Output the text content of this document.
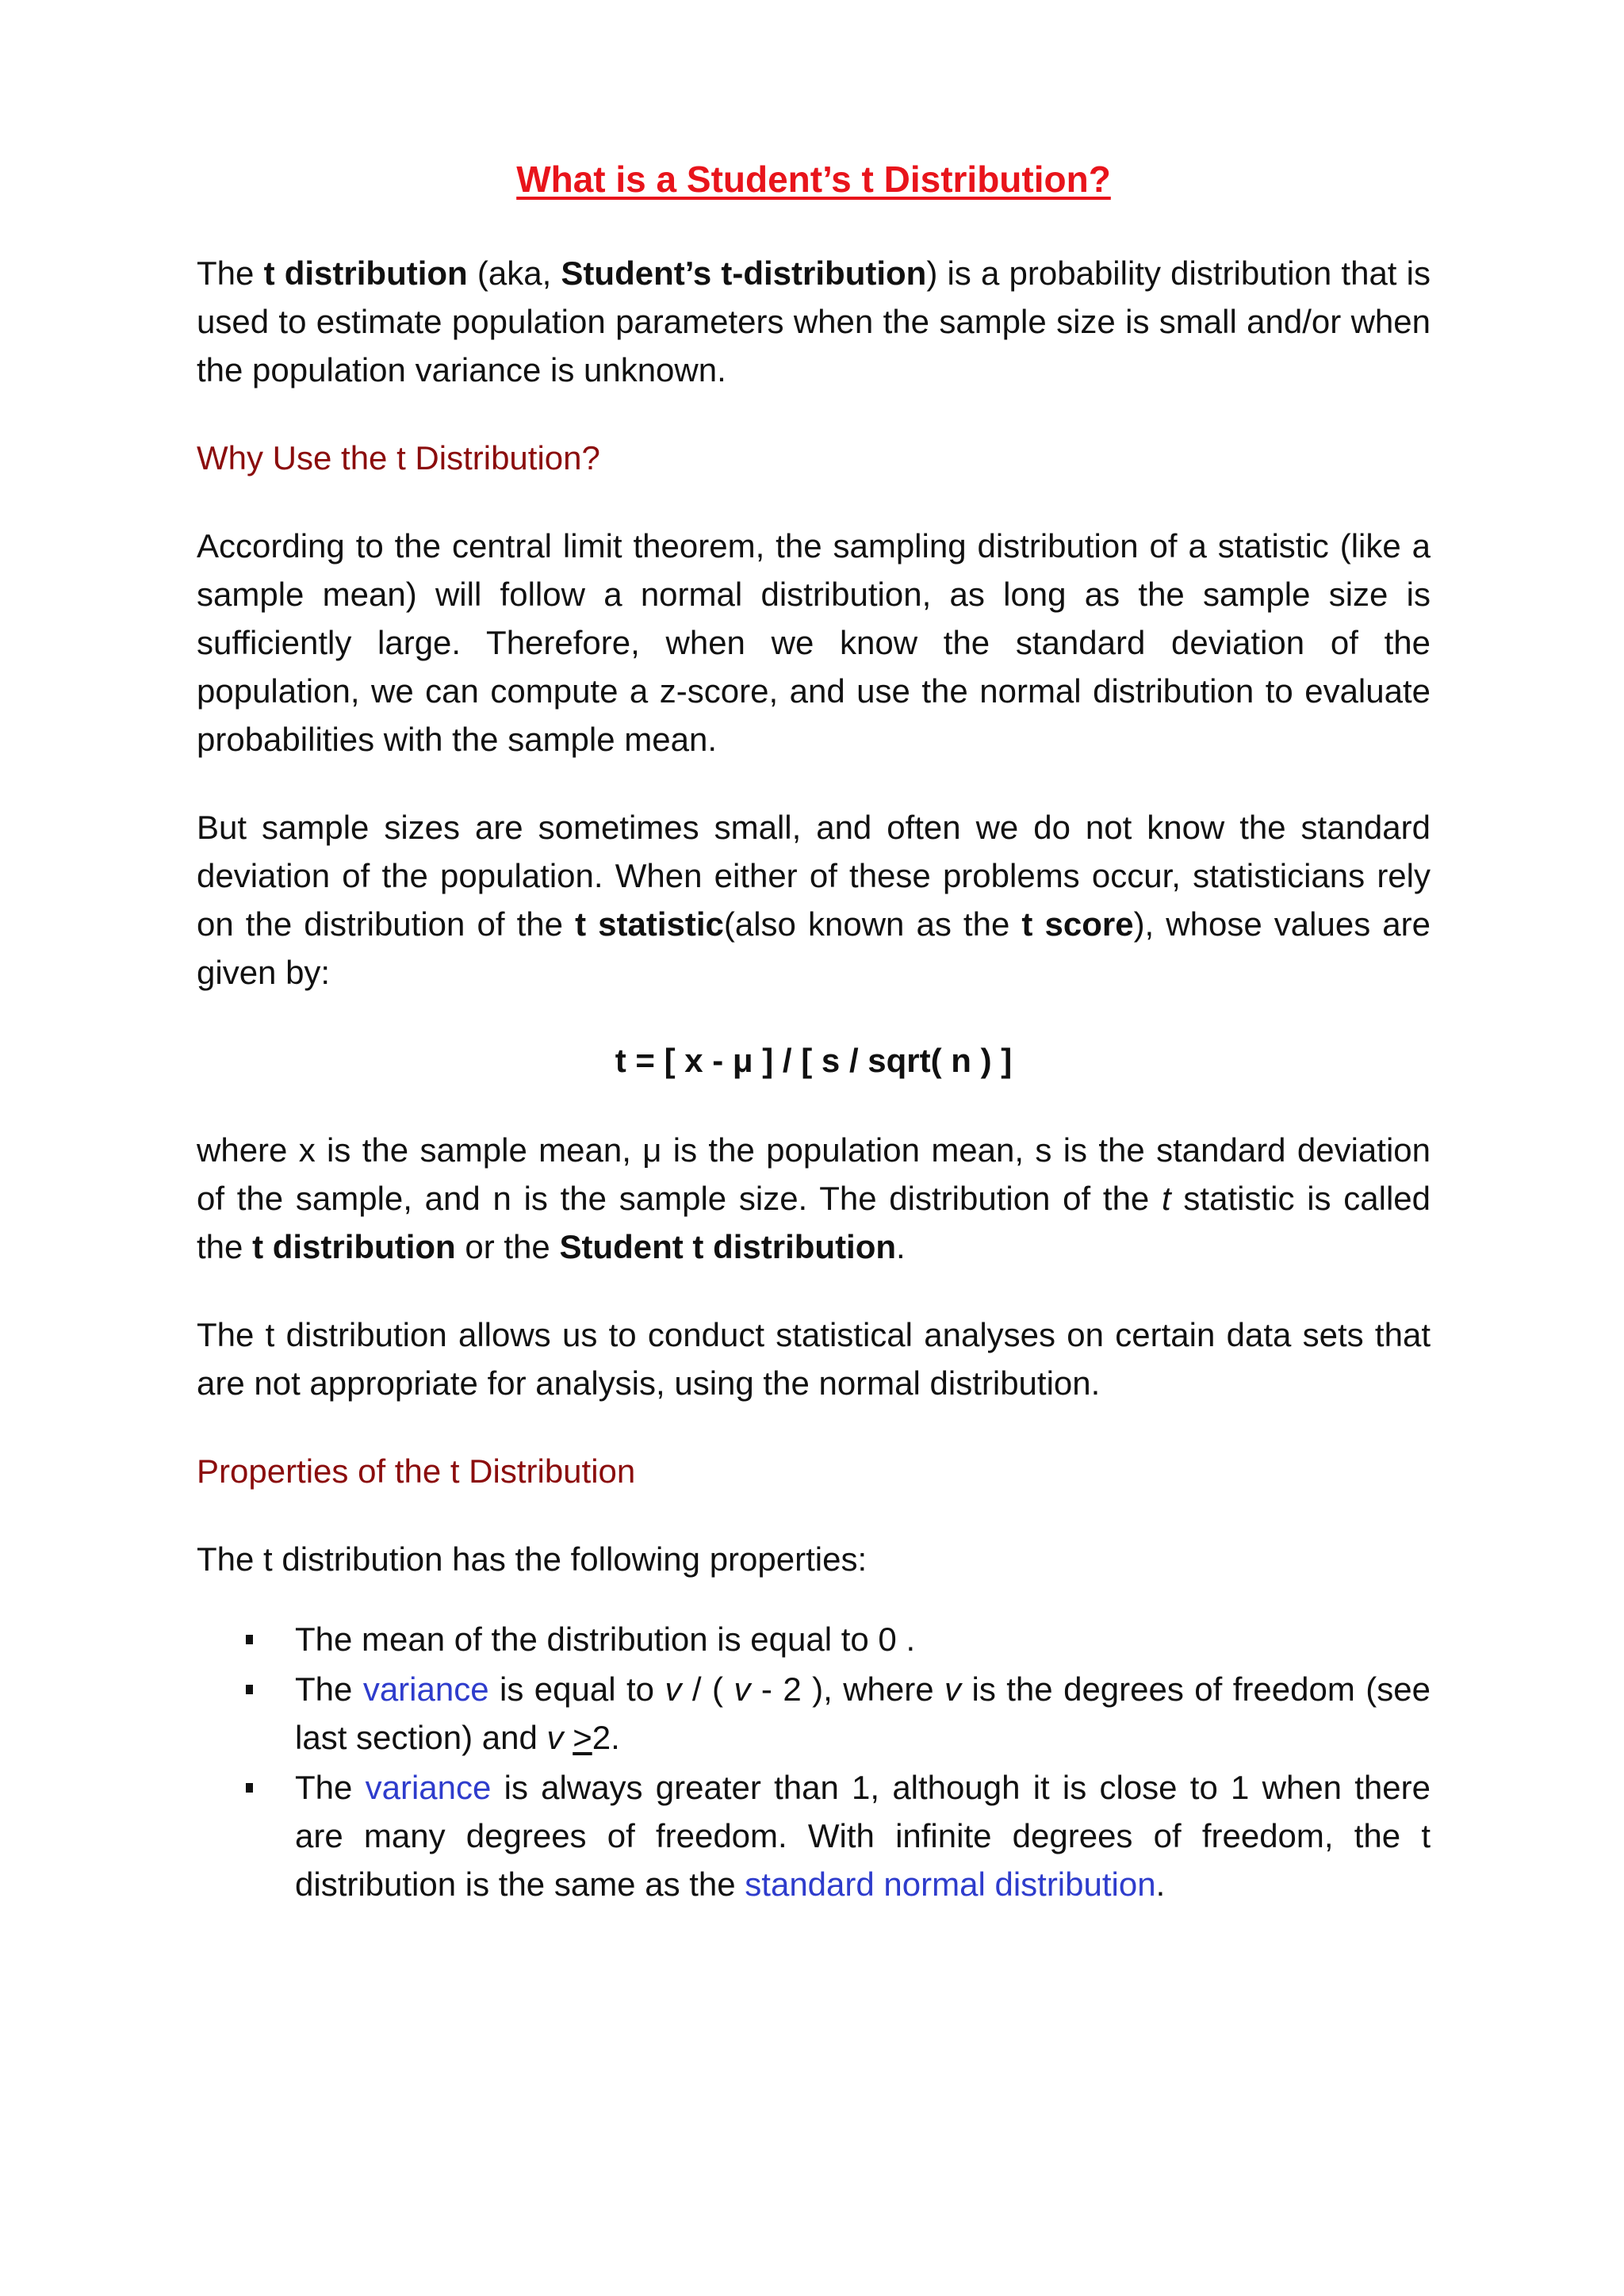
What is a Student’s t Distribution?

The t distribution (aka, Student’s t-distribution) is a probability distribution that is used to estimate population parameters when the sample size is small and/or when the population variance is unknown.

Why Use the t Distribution?

According to the central limit theorem, the sampling distribution of a statistic (like a sample mean) will follow a normal distribution, as long as the sample size is sufficiently large. Therefore, when we know the standard deviation of the population, we can compute a z-score, and use the normal distribution to evaluate probabilities with the sample mean.

But sample sizes are sometimes small, and often we do not know the standard deviation of the population. When either of these problems occur, statisticians rely on the distribution of the t statistic(also known as the t score), whose values are given by:

t = [ x - μ ] / [ s / sqrt( n ) ]

where x is the sample mean, μ is the population mean, s is the standard deviation of the sample, and n is the sample size. The distribution of the t statistic is called the t distribution or the Student t distribution.

The t distribution allows us to conduct statistical analyses on certain data sets that are not appropriate for analysis, using the normal distribution.

Properties of the t Distribution

The t distribution has the following properties:

The mean of the distribution is equal to 0 .
The variance is equal to v / ( v - 2 ), where v is the degrees of freedom (see last section) and v ≥2.
The variance is always greater than 1, although it is close to 1 when there are many degrees of freedom. With infinite degrees of freedom, the t distribution is the same as the standard normal distribution.
